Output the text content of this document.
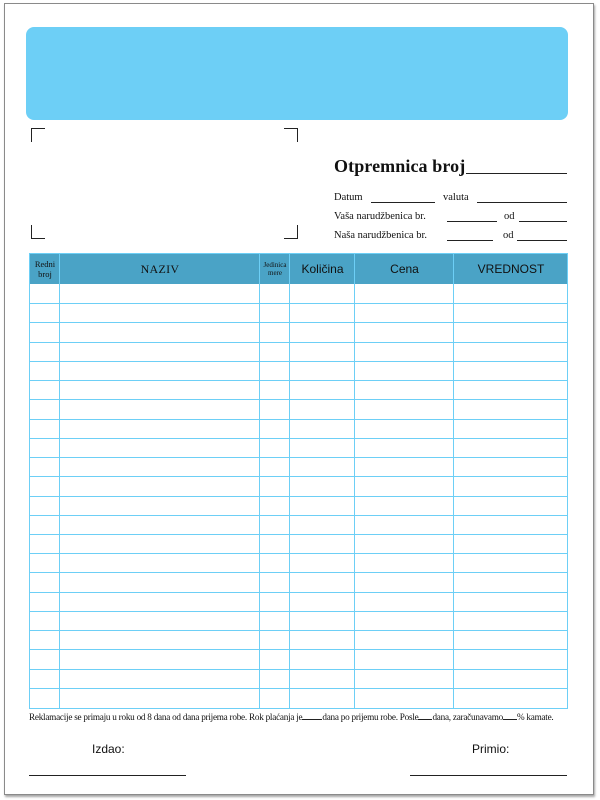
Otpremnica broj
Datum	valuta
Vaša narudžbenica br.	od
Naša narudžbenica br.	od
Redni broj	NAZIV	Jedinica mere	Količina	Cena	VREDNOST
Reklamacije se primaju u roku od 8 dana od dana prijema robe. Rok plaćanja je dana po prijemu robe. Posle dana, zaračunavamo % kamate.
Izdao:	Primio:
